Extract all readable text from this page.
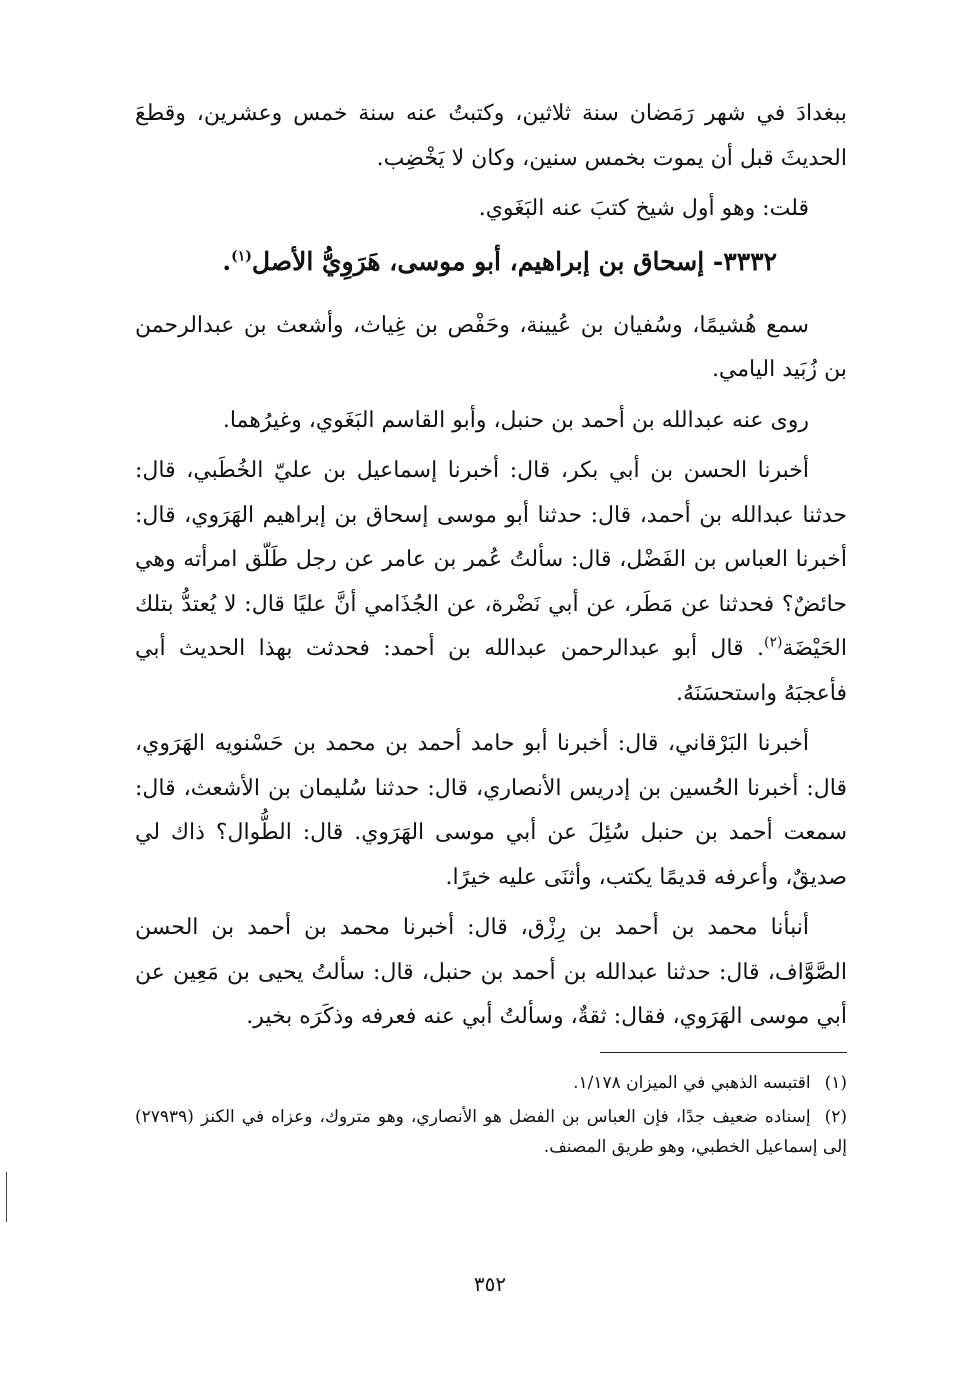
ببغدادَ في شهر رَمَضان سنة ثلاثين، وكتبتُ عنه سنة خمس وعشرين، وقطعَ الحديثَ قبل أن يموت بخمس سنين، وكان لا يَخْضِب.

قلت: وهو أول شيخ كتبَ عنه البَغَوي.

٣٣٣٢- إسحاق بن إبراهيم، أبو موسى، هَرَوِيُّ الأصل$^{(١)}$.

سمع هُشيمًا، وسُفيان بن عُيينة، وحَفْص بن غِياث، وأشعث بن عبدالرحمن بن زُبَيد اليامي.

روى عنه عبدالله بن أحمد بن حنبل، وأبو القاسم البَغَوي، وغيرُهما.

أخبرنا الحسن بن أبي بكر، قال: أخبرنا إسماعيل بن عليّ الخُطَبي، قال: حدثنا عبدالله بن أحمد، قال: حدثنا أبو موسى إسحاق بن إبراهيم الهَرَوي، قال: أخبرنا العباس بن الفَضْل، قال: سألتُ عُمر بن عامر عن رجل طَلّق امرأته وهي حائضٌ؟ فحدثنا عن مَطَر، عن أبي نَضْرة، عن الجُذَامي أنَّ عليًا قال: لا يُعتدُّ بتلك الحَيْضَة$^{(٢)}$. قال أبو عبدالرحمن عبدالله بن أحمد: فحدثت بهذا الحديث أبي فأعجبَهُ واستحسَنَهُ.

أخبرنا البَرْقاني، قال: أخبرنا أبو حامد أحمد بن محمد بن حَسْنويه الهَرَوي، قال: أخبرنا الحُسين بن إدريس الأنصاري، قال: حدثنا سُليمان بن الأشعث، قال: سمعت أحمد بن حنبل سُئِلَ عن أبي موسى الهَرَوي. قال: الطُّوال؟ ذاك لي صديقٌ، وأعرفه قديمًا يكتب، وأثنَى عليه خيرًا.

أنبأنا محمد بن أحمد بن رِزْق، قال: أخبرنا محمد بن أحمد بن الحسن الصَّوَّاف، قال: حدثنا عبدالله بن أحمد بن حنبل، قال: سألتُ يحيى بن مَعِين عن أبي موسى الهَرَوي، فقال: ثقةٌ، وسألتُ أبي عنه فعرفه وذكَرَه بخير.

(١)اقتبسه الذهبي في الميزان ١/١٧٨.

(٢)إسناده ضعيف جدًا، فإن العباس بن الفضل هو الأنصاري، وهو متروك، وعزاه في الكنز (٢٧٩٣٩) إلى إسماعيل الخطبي، وهو طريق المصنف.

٣٥٢
